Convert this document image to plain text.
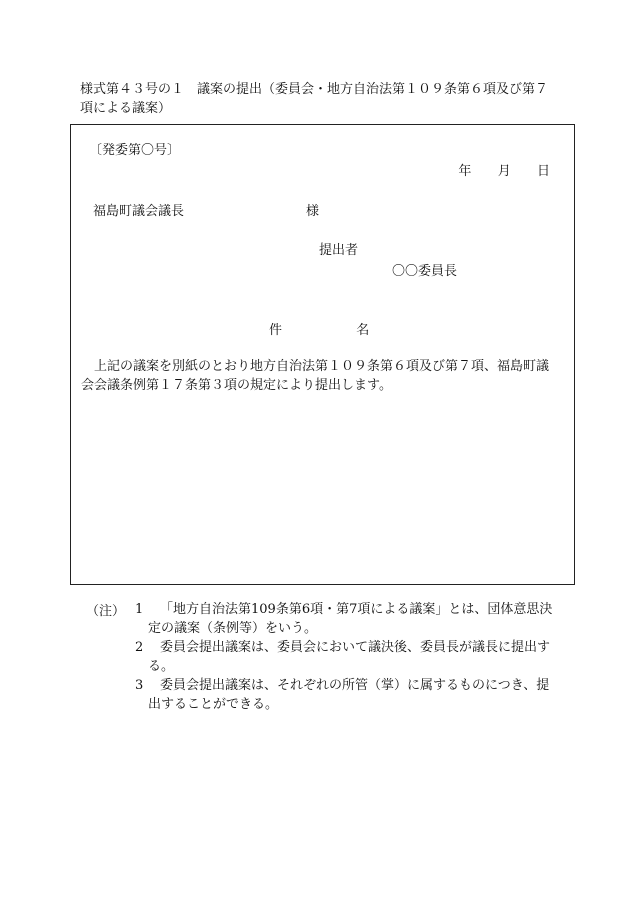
様式第４３号の１　議案の提出（委員会・地方自治法第１０９条第６項及び第７項による議案）
〔発委第〇号〕
年 月 日
福島町議会議長	様
提出者
〇〇委員長
件	名
上記の議案を別紙のとおり地方自治法第１０９条第６項及び第７項、福島町議会会議条例第１７条第３項の規定により提出します。
（注） 1	「地方自治法第109条第6項・第7項による議案」とは、団体意思決定の議案（条例等）をいう。
2	委員会提出議案は、委員会において議決後、委員長が議長に提出する。
3	委員会提出議案は、それぞれの所管（掌）に属するものにつき、提出することができる。
